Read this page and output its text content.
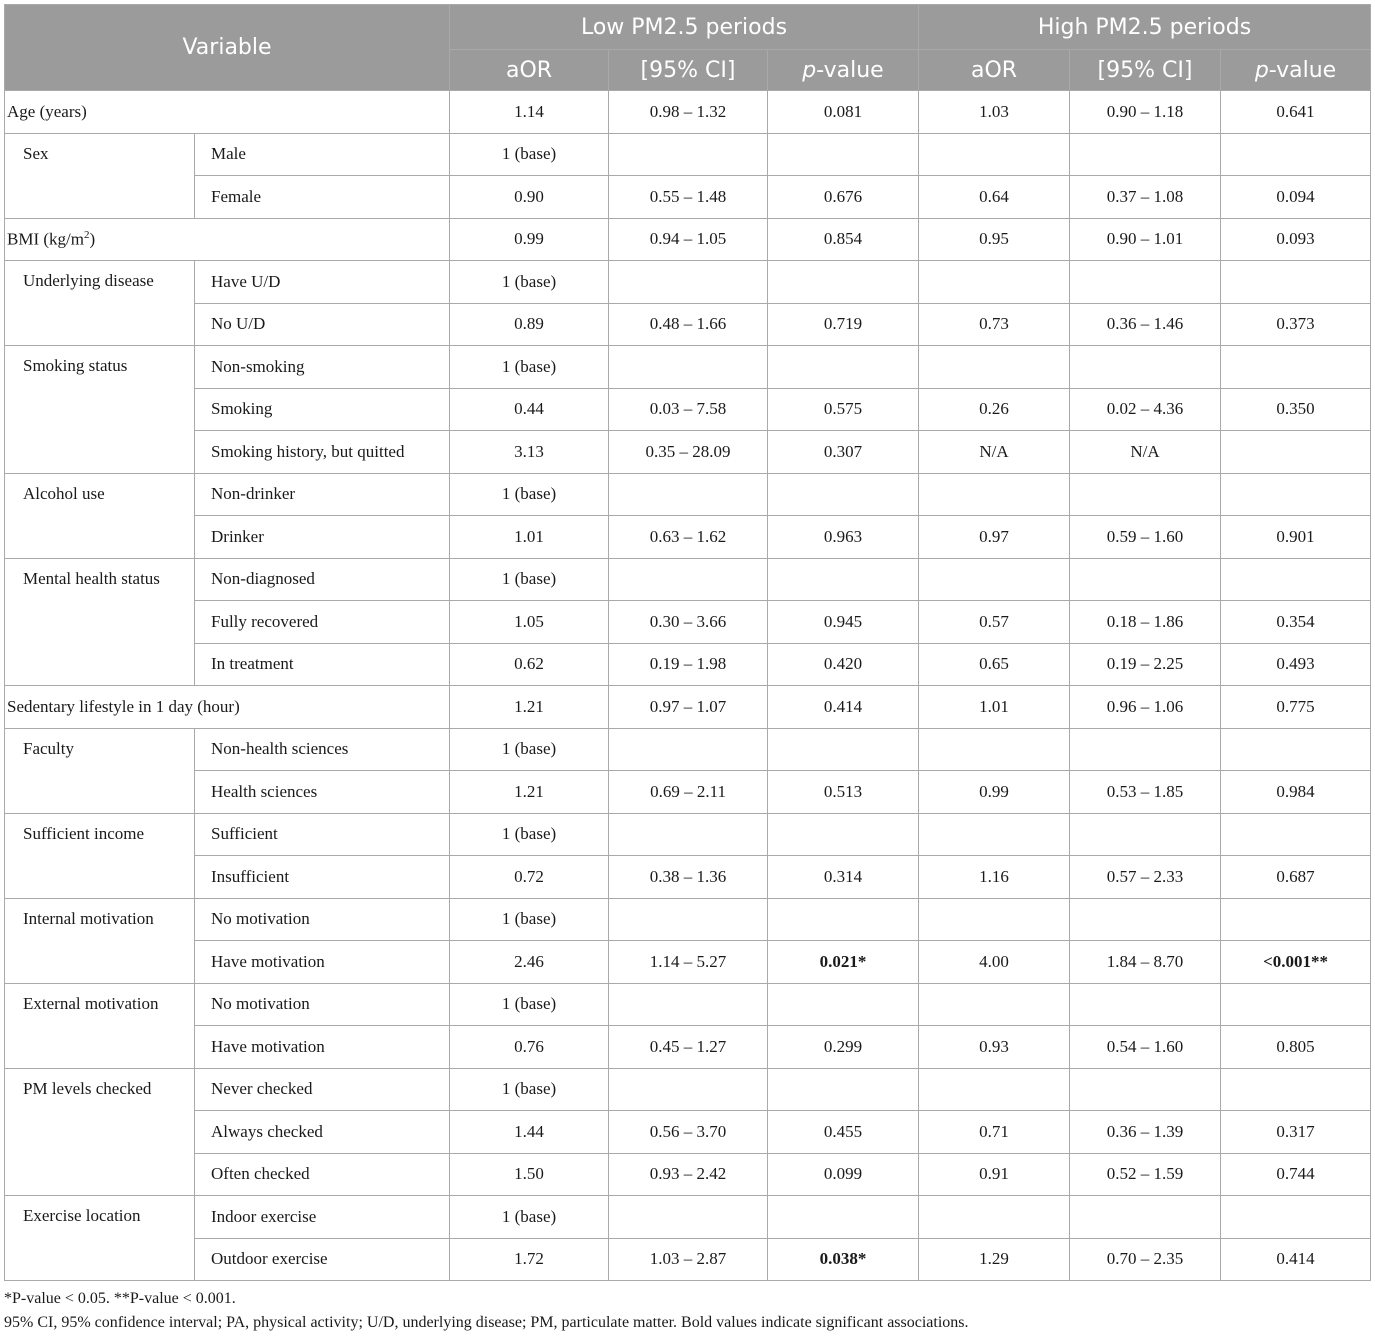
Variable		Low PM2.5 periods			High PM2.5 periods		
		aOR	[95% CI]	p-value	aOR	[95% CI]	p-value
Age (years)		1.14	0.98 – 1.32	0.081	1.03	0.90 – 1.18	0.641
Sex	Male	1 (base)					
	Female	0.90	0.55 – 1.48	0.676	0.64	0.37 – 1.08	0.094
BMI $(kg/m^2)$		0.99	0.94 – 1.05	0.854	0.95	0.90 – 1.01	0.093
Underlying disease	Have U/D	1 (base)					
	No U/D	0.89	0.48 – 1.66	0.719	0.73	0.36 – 1.46	0.373
Smoking status	Non-smoking	1 (base)					
	Smoking	0.44	0.03 – 7.58	0.575	0.26	0.02 – 4.36	0.350
	Smoking history, but quitted	3.13	0.35 – 28.09	0.307	N/A	N/A	
Alcohol use	Non-drinker	1 (base)					
	Drinker	1.01	0.63 – 1.62	0.963	0.97	0.59 – 1.60	0.901
Mental health status	Non-diagnosed	1 (base)					
	Fully recovered	1.05	0.30 – 3.66	0.945	0.57	0.18 – 1.86	0.354
	In treatment	0.62	0.19 – 1.98	0.420	0.65	0.19 – 2.25	0.493
Sedentary lifestyle in 1 day (hour)		1.21	0.97 – 1.07	0.414	1.01	0.96 – 1.06	0.775
Faculty	Non-health sciences	1 (base)					
	Health sciences	1.21	0.69 – 2.11	0.513	0.99	0.53 – 1.85	0.984
Sufficient income	Sufficient	1 (base)					
	Insufficient	0.72	0.38 – 1.36	0.314	1.16	0.57 – 2.33	0.687
Internal motivation	No motivation	1 (base)					
	Have motivation	2.46	1.14 – 5.27	0.021*	4.00	1.84 – 8.70	<0.001**
External motivation	No motivation	1 (base)					
	Have motivation	0.76	0.45 – 1.27	0.299	0.93	0.54 – 1.60	0.805
PM levels checked	Never checked	1 (base)					
	Always checked	1.44	0.56 – 3.70	0.455	0.71	0.36 – 1.39	0.317
	Often checked	1.50	0.93 – 2.42	0.099	0.91	0.52 – 1.59	0.744
Exercise location	Indoor exercise	1 (base)					
	Outdoor exercise	1.72	1.03 – 2.87	0.038*	1.29	0.70 – 2.35	0.414
*P-value < 0.05. **P-value < 0.001.
95% CI, 95% confidence interval; PA, physical activity; U/D, underlying disease; PM, particulate matter. Bold values indicate significant associations.
